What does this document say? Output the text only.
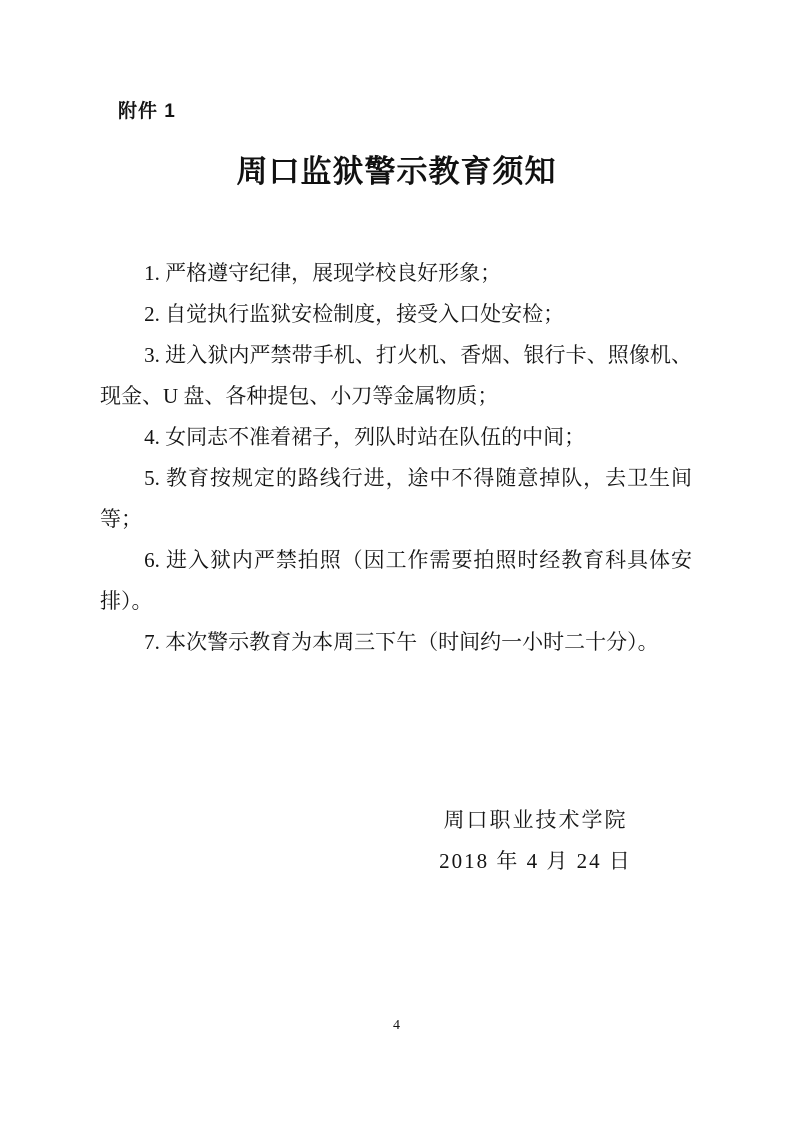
附件 1
周口监狱警示教育须知

1. 严格遵守纪律，展现学校良好形象；

2. 自觉执行监狱安检制度，接受入口处安检；

3. 进入狱内严禁带手机、打火机、香烟、银行卡、照像机、现金、U 盘、各种提包、小刀等金属物质；

4. 女同志不准着裙子，列队时站在队伍的中间；

5. 教育按规定的路线行进，途中不得随意掉队，去卫生间等；

6. 进入狱内严禁拍照（因工作需要拍照时经教育科具体安排）。

7. 本次警示教育为本周三下午（时间约一小时二十分）。

周口职业技术学院
2018 年 4 月 24 日
4
